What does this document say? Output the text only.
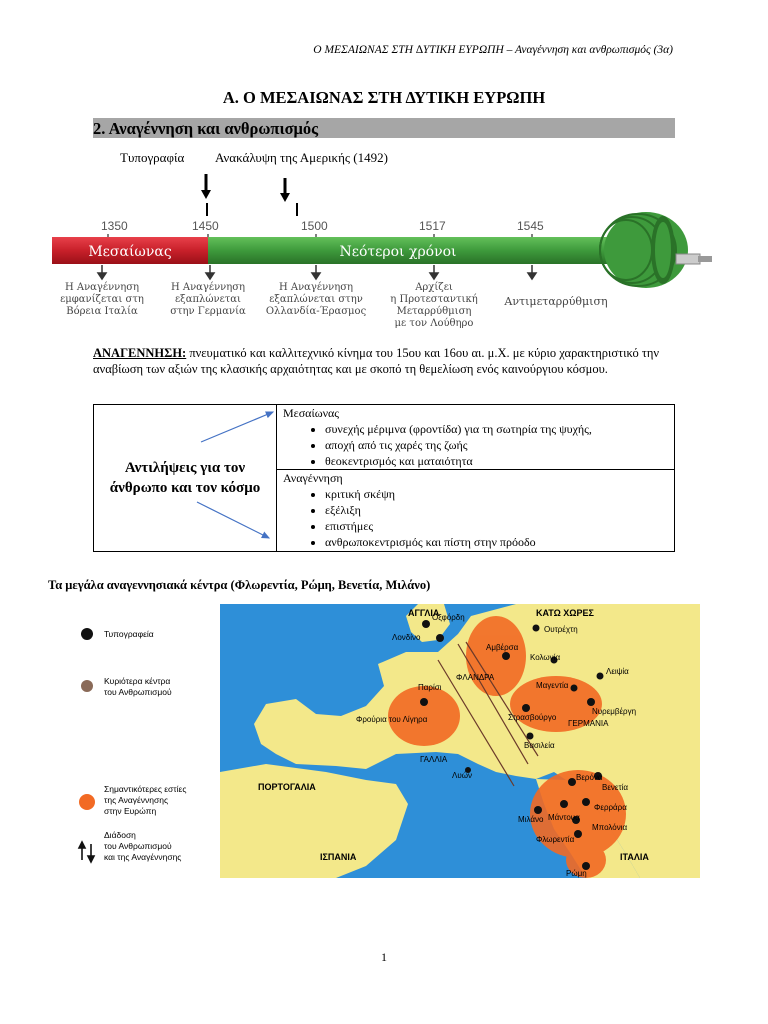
Ο ΜΕΣΑΙΩΝΑΣ ΣΤΗ ∆ΥΤΙΚΗ ΕΥΡΩΠΗ – Αναγέννηση και ανθρωπισμός (3α)
Α. Ο ΜΕΣΑΙΩΝΑΣ ΣΤΗ ΔΥΤΙΚΗ ΕΥΡΩΠΗ
2. Αναγέννηση και ανθρωπισμός
Τυπογραφία Ανακάλυψη της Αμερικής (1492)
1350	1450	1500	1517	1545
Μεσαίωνας	Νεότεροι χρόνοι
Η Αναγέννηση
εμφανίζεται στη
Βόρεια Ιταλία
Η Αναγέννηση
εξαπλώνεται
στην Γερμανία
Η Αναγέννηση
εξαπλώνεται στην
Ολλανδία-Έρασμος
Αρχίζει
η Προτεσταντική
Μεταρρύθμιση
με τον Λούθηρο
Αντιμεταρρύθμιση
ΑΝΑΓΕΝΝΗΣΗ: πνευματικό και καλλιτεχνικό κίνημα του 15ου και 16ου αι. μ.Χ. με κύριο χαρακτηριστικό την αναβίωση των αξιών της κλασικής αρχαιότητας και με σκοπό τη θεμελίωση ενός καινούργιου κόσμου.
Αντιλήψεις για τον άνθρωπο και τον κόσμο

Μεσαίωνας
• συνεχής μέριμνα (φροντίδα) για τη σωτηρία της ψυχής,
• αποχή από τις χαρές της ζωής
• θεοκεντρισμός και ματαιότητα

Αναγέννηση
• κριτική σκέψη
• εξέλιξη
• επιστήμες
• ανθρωποκεντρισμός και πίστη στην πρόοδο
Τα μεγάλα αναγεννησιακά κέντρα (Φλωρεντία, Ρώμη, Βενετία, Μιλάνο)
Τυπογραφεία
Κυριότερα κέντρα
του Ανθρωπισμού
Σημαντικότερες εστίες
της Αναγέννησης
στην Ευρώπη
Διάδοση
του Ανθρωπισμού
και της Αναγέννησης
ΑΓΓΛΙΑ	ΚΑΤΩ ΧΩΡΕΣ
ΦΛΑΝΔΡΑ
ΓΕΡΜΑΝΙΑ
ΓΑΛΛΙΑ
ΠΟΡΤΟΓΑΛΙΑ
ΙΣΠΑΝΙΑ	ΙΤΑΛΙΑ
Οξφόρδη
Λονδίνο
Ουτρέχτη
Αμβέρσα
Κολωνία
Μαγεντία
Λειψία
Παρίσι
Στρασβούργο
Νυρεμβέργη
Φρούρια του Λίγηρα
Βασιλεία
Λυών	Βερόνα
Βενετία
Μιλάνο Μάντουα
Φερράρα
Μπολόνια
Φλωρεντία
Ρώμη
1
